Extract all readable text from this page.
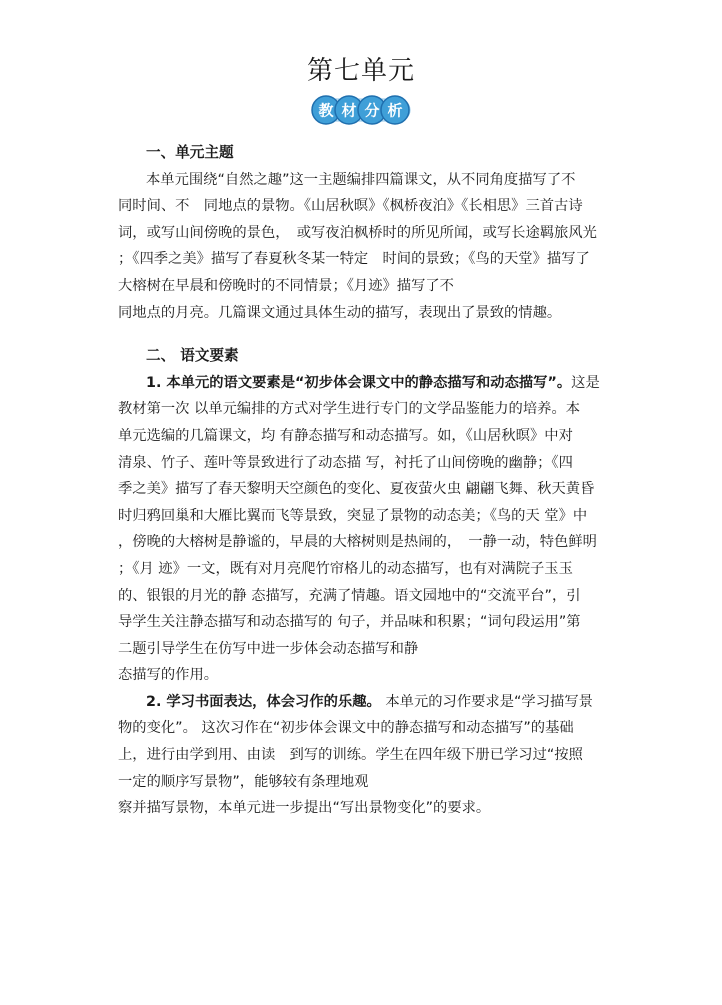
第七单元
教 材 分 析
一、单元主题
本单元围绕“自然之趣”这一主题编排四篇课文，从不同角度描写了不
同时间、不　同地点的景物。《山居秋暝》《枫桥夜泊》《长相思》三首古诗
词，或写山间傍晚的景色，　或写夜泊枫桥时的所见所闻，或写长途羁旅风光
；《四季之美》描写了春夏秋冬某一特定　时间的景致；《鸟的天堂》描写了
大榕树在早晨和傍晚时的不同情景；《月迹》描写了不
同地点的月亮。几篇课文通过具体生动的描写，表现出了景致的情趣。
二、 语文要素
1. 本单元的语文要素是“初步体会课文中的静态描写和动态描写”。这是
教材第一次 以单元编排的方式对学生进行专门的文学品鉴能力的培养。本
单元选编的几篇课文，均 有静态描写和动态描写。如，《山居秋暝》中对
清泉、竹子、莲叶等景致进行了动态描 写，衬托了山间傍晚的幽静；《四
季之美》描写了春天黎明天空颜色的变化、夏夜萤火虫 翩翩飞舞、秋天黄昏
时归鸦回巢和大雁比翼而飞等景致，突显了景物的动态美；《鸟的天 堂》中
，傍晚的大榕树是静谧的，早晨的大榕树则是热闹的，　一静一动，特色鲜明
；《月 迹》一文，既有对月亮爬竹帘格儿的动态描写，也有对满院子玉玉
的、银银的月光的静 态描写，充满了情趣。语文园地中的“交流平台”，引
导学生关注静态描写和动态描写的 句子，并品味和积累；“词句段运用”第
二题引导学生在仿写中进一步体会动态描写和静
态描写的作用。
2. 学习书面表达，体会习作的乐趣。 本单元的习作要求是“学习描写景
物的变化”。 这次习作在“初步体会课文中的静态描写和动态描写”的基础
上，进行由学到用、由读　到写的训练。学生在四年级下册已学习过“按照
一定的顺序写景物”，能够较有条理地观
察并描写景物，本单元进一步提出“写出景物变化”的要求。
